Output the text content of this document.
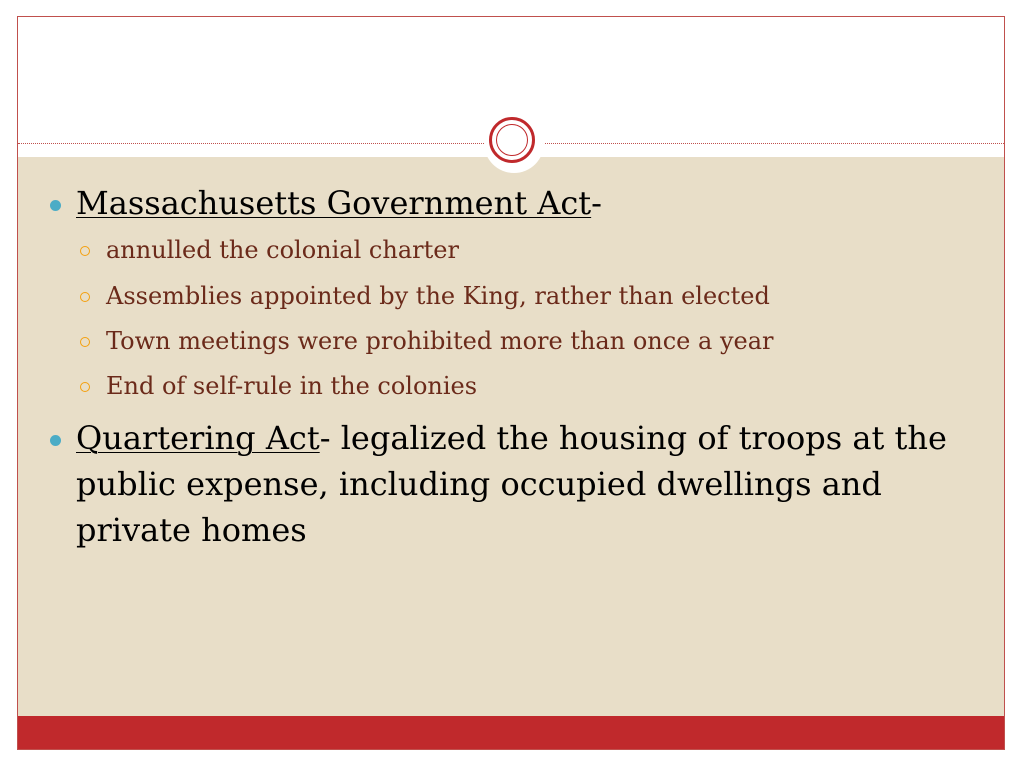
Massachusetts Government Act-
annulled the colonial charter
Assemblies appointed by the King, rather than elected
Town meetings were prohibited more than once a year
End of self-rule in the colonies
Quartering Act- legalized the housing of troops at the public expense, including occupied dwellings and private homes
